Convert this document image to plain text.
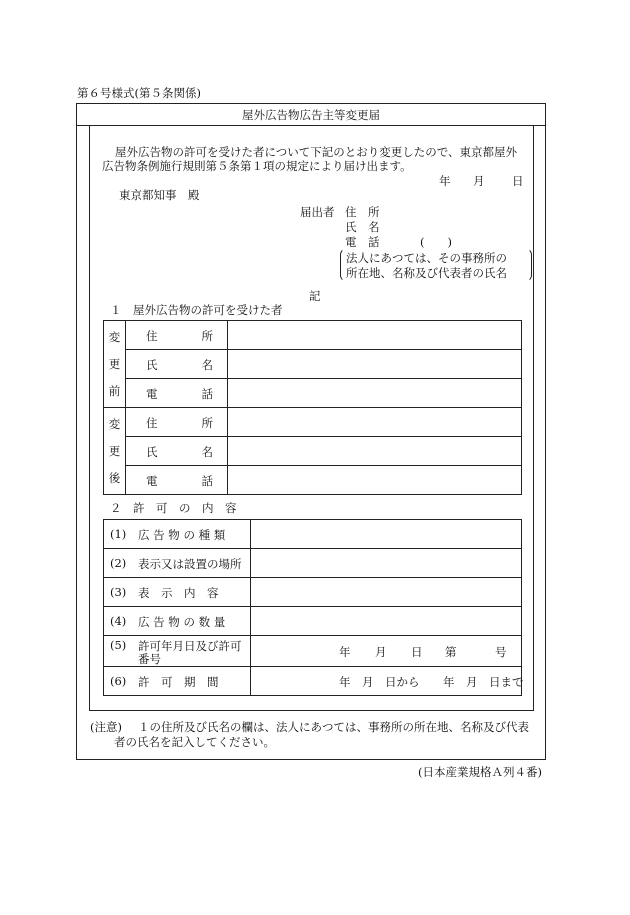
第６号様式(第５条関係)
屋外広告物広告主等変更届
屋外広告物の許可を受けた者について下記のとおり変更したので、東京都屋外
広告物条例施行規則第５条第１項の規定により届け出ます。
年 月 日
東京都知事　殿
届出者 住　所
氏　名
電　話	(　　)
法人にあつては、その事務所の
所在地、名称及び代表者の氏名
記
１　屋外広告物の許可を受けた者
変
更
前	住 所	

	氏 名	

	電 話	

変
更
後	住 所	

	氏 名	

	電 話	

２　許　可　の　内　容
(1) 広 告 物 の 種 類	

(2) 表示又は設置の場所	

(3) 表　示　内　容	

(4) 広 告 物 の 数 量	

(5) 許可年月日及び許可
番号	年 月 日 第 号

(6) 許　可　期　間	年　月　日から 年　月　日まで
(注意) １の住所及び氏名の欄は、法人にあつては、事務所の所在地、名称及び代表
者の氏名を記入してください。
(日本産業規格Ａ列４番)
